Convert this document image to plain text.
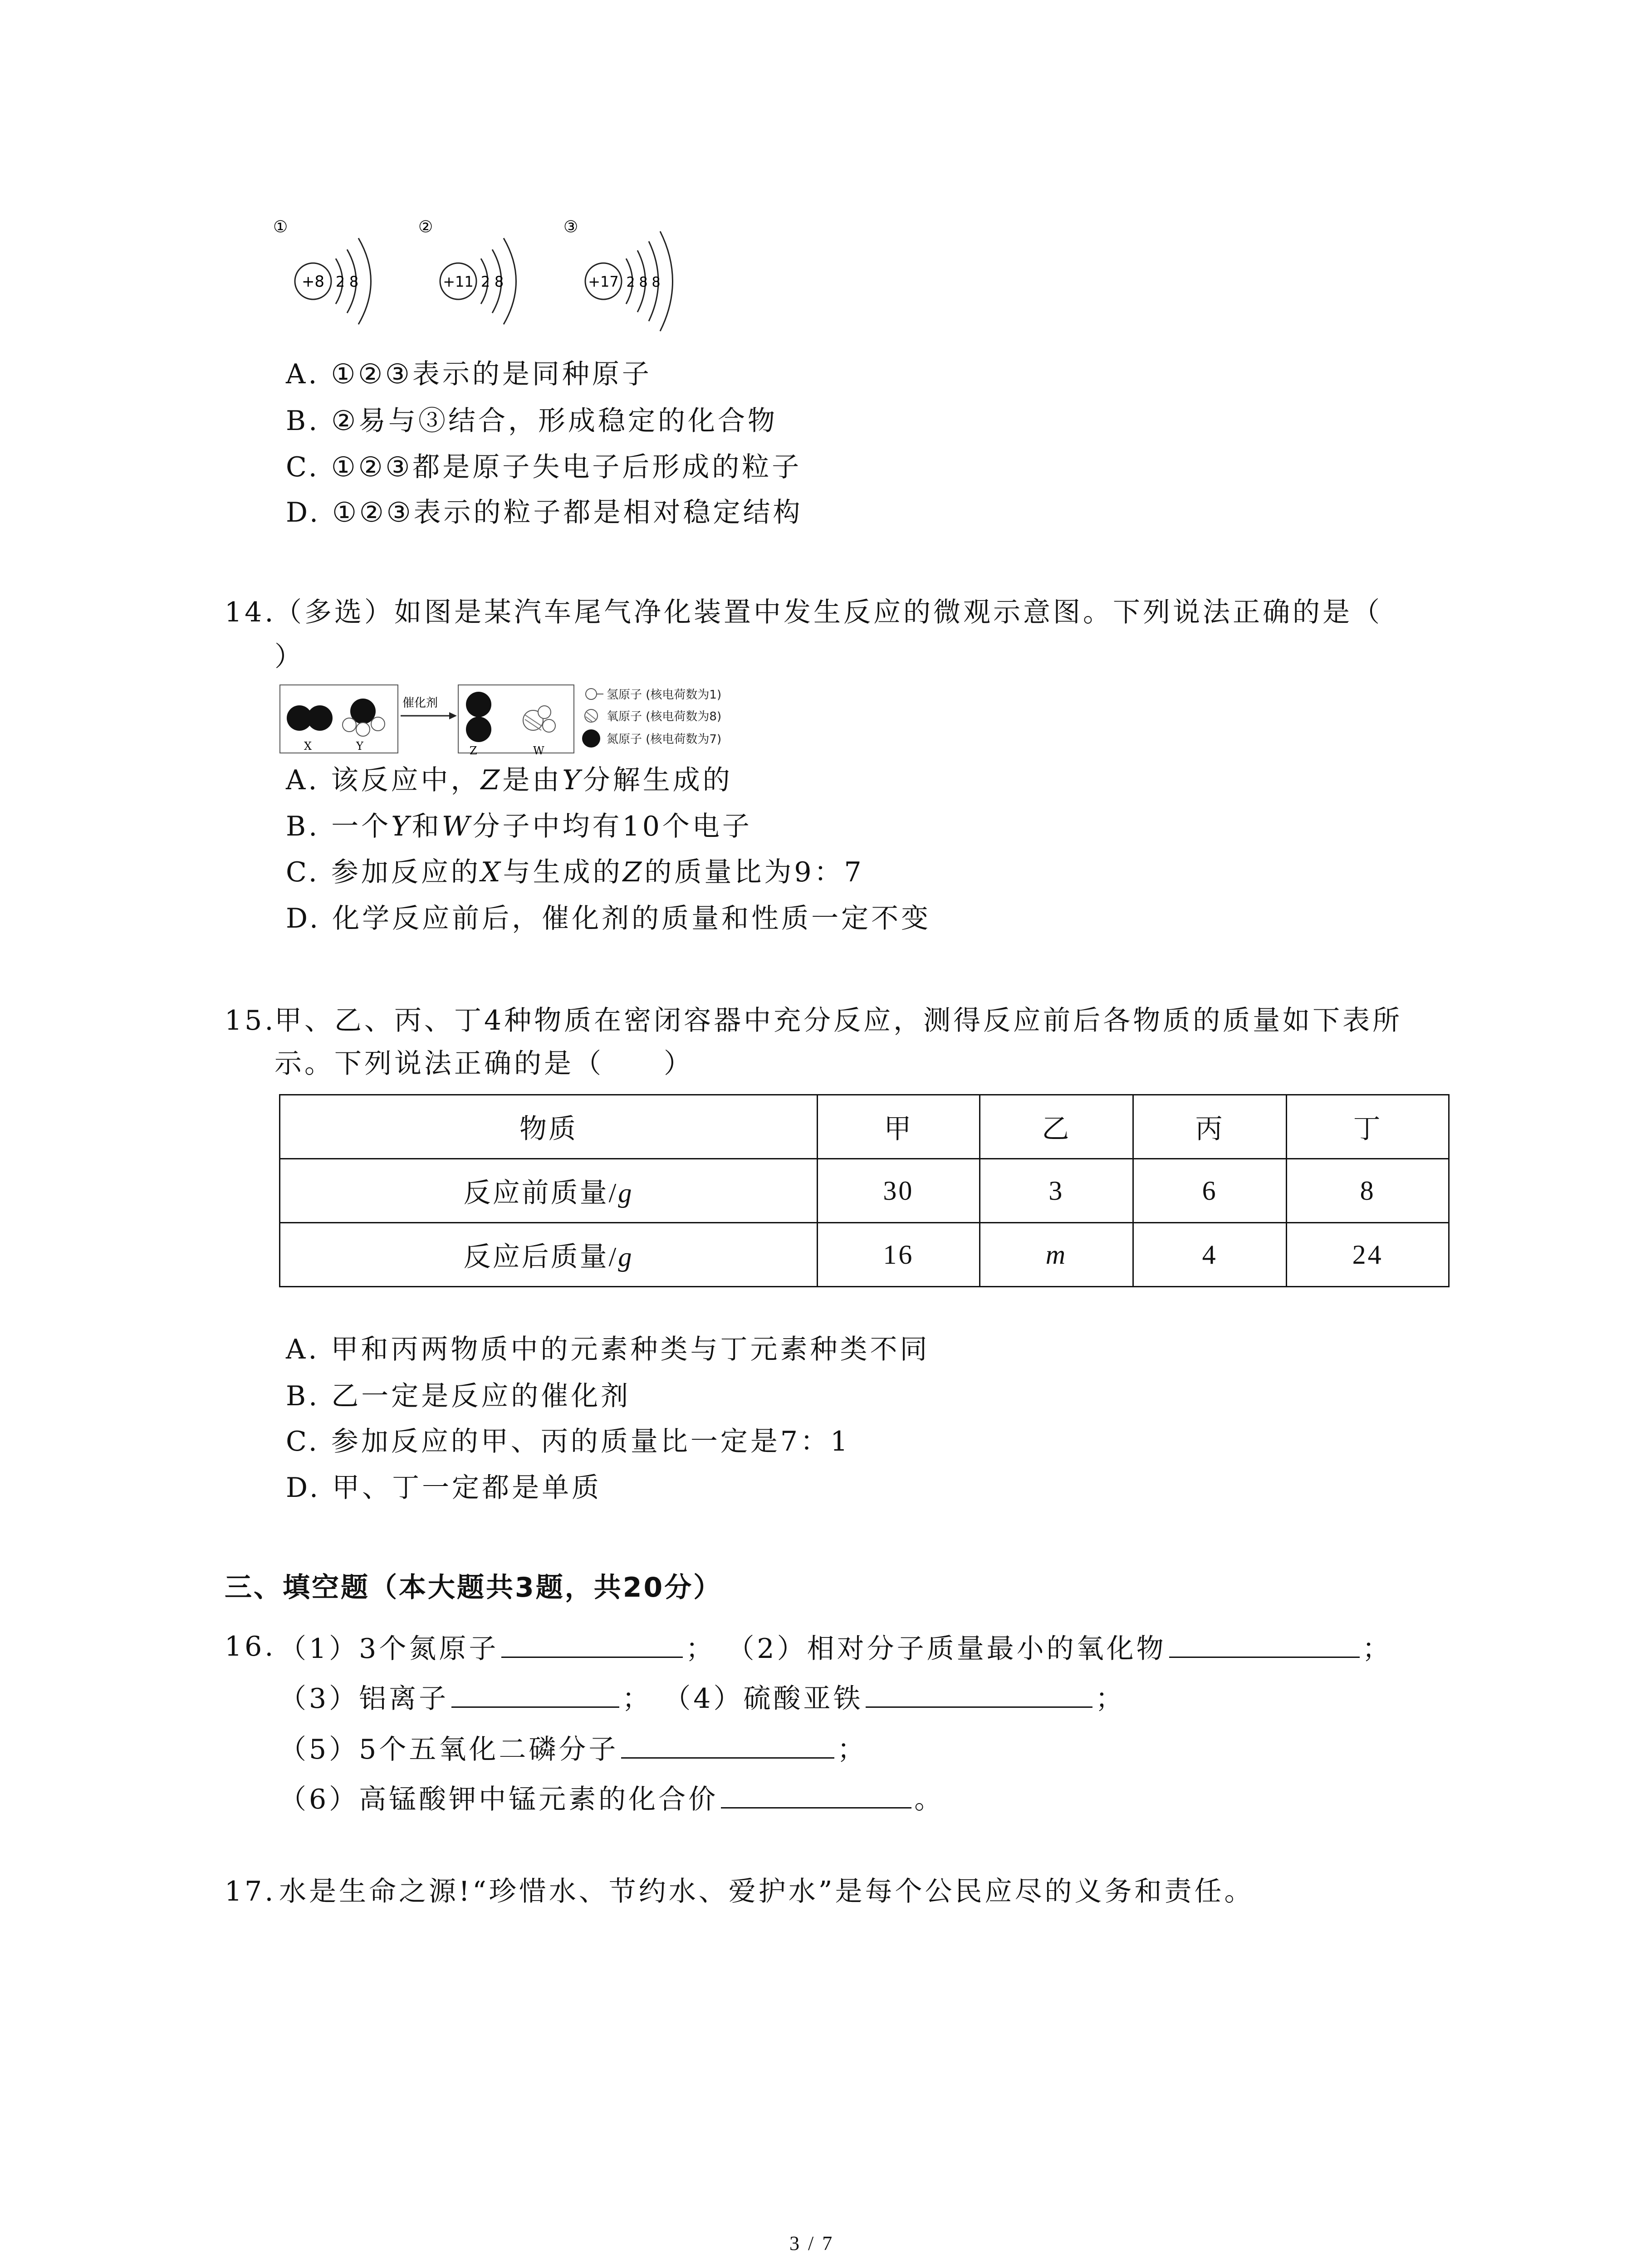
①
+8 2 8
②
+11 2 8
③
+17 2 8 8
A. ①②③表示的是同种原子
B. ②易与③结合，形成稳定的化合物
C. ①②③都是原子失电子后形成的粒子
D. ①②③表示的粒子都是相对稳定结构
14.
（多选）如图是某汽车尾气净化装置中发生反应的微观示意图。下列说法正确的是（
）
X	Y
催化剂
Z	W
氢原子 (核电荷数为1)
氧原子 (核电荷数为8)
氮原子 (核电荷数为7)
A. 该反应中，Z是由Y分解生成的
B. 一个Y和W分子中均有10个电子
C. 参加反应的X与生成的Z的质量比为9：7
D. 化学反应前后，催化剂的质量和性质一定不变
15.
甲、乙、丙、丁4种物质在密闭容器中充分反应，测得反应前后各物质的质量如下表所
示。下列说法正确的是（　　）
物质	甲	乙	丙	丁
反应前质量/g	30	3	6	8
反应后质量/g	16	m	4	24
A. 甲和丙两物质中的元素种类与丁元素种类不同
B. 乙一定是反应的催化剂
C. 参加反应的甲、丙的质量比一定是7：1
D. 甲、丁一定都是单质
三、填空题（本大题共3题，共20分）
16. （1）3个氮原子	； （2）相对分子质量最小的氧化物	；
（3）铝离子	； （4）硫酸亚铁	；
（5）5个五氧化二磷分子	；
（6）高锰酸钾中锰元素的化合价	。
17. 水是生命之源!“珍惜水、节约水、爱护水”是每个公民应尽的义务和责任。
3 / 7
